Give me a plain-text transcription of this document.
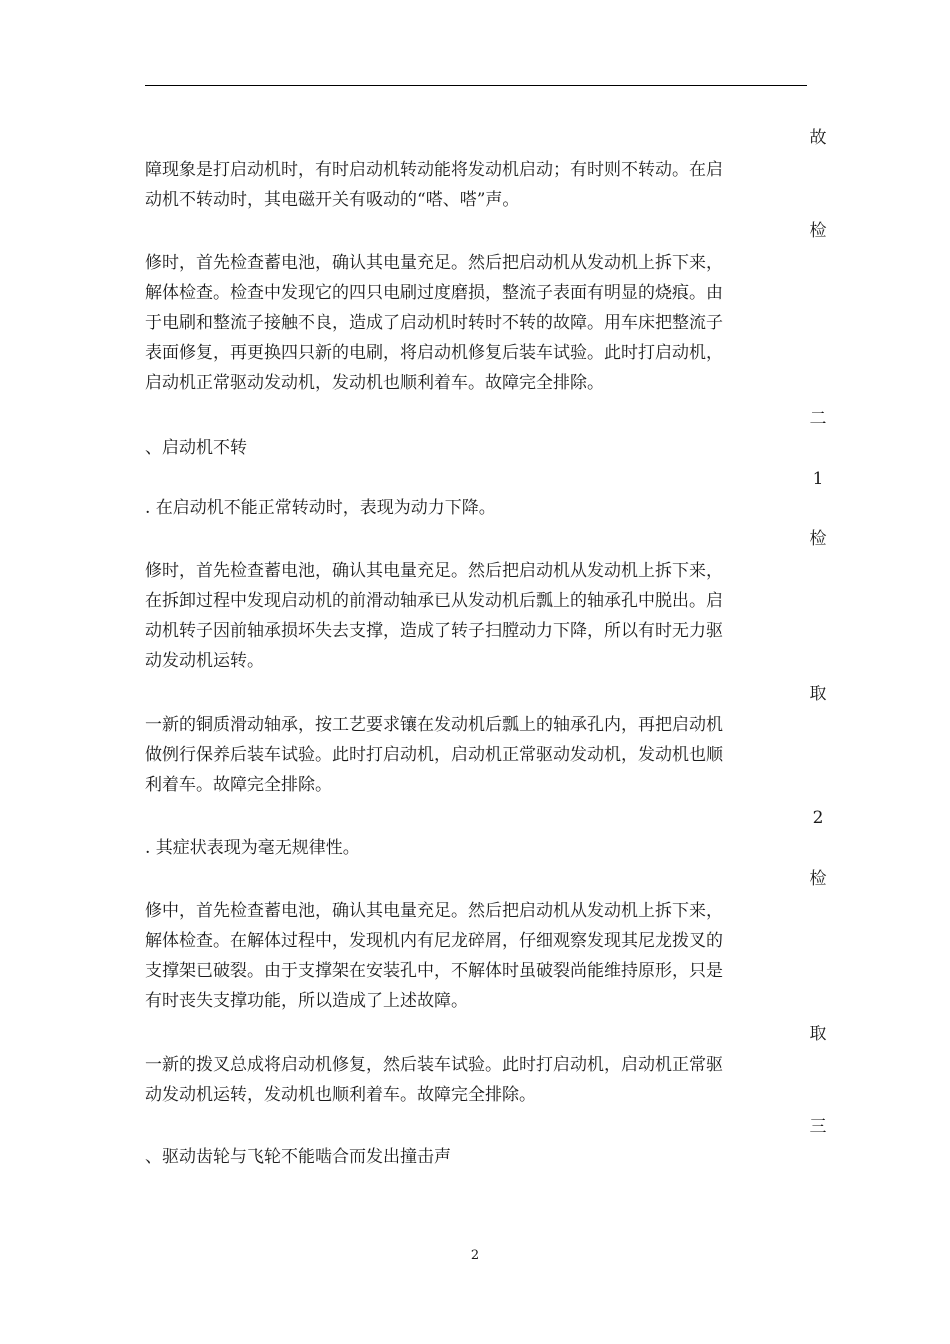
故
检
二
1
检
取
2
检
取
三

障现象是打启动机时，有时启动机转动能将发动机启动；有时则不转动。在启
动机不转动时，其电磁开关有吸动的“嗒、嗒”声。

修时，首先检查蓄电池，确认其电量充足。然后把启动机从发动机上拆下来，
解体检查。检查中发现它的四只电刷过度磨损，整流子表面有明显的烧痕。由
于电刷和整流子接触不良，造成了启动机时转时不转的故障。用车床把整流子
表面修复，再更换四只新的电刷，将启动机修复后装车试验。此时打启动机，
启动机正常驱动发动机，发动机也顺利着车。故障完全排除。

、启动机不转

. 在启动机不能正常转动时，表现为动力下降。

修时，首先检查蓄电池，确认其电量充足。然后把启动机从发动机上拆下来，
在拆卸过程中发现启动机的前滑动轴承已从发动机后瓢上的轴承孔中脱出。启
动机转子因前轴承损坏失去支撑，造成了转子扫膛动力下降，所以有时无力驱
动发动机运转。

一新的铜质滑动轴承，按工艺要求镶在发动机后瓢上的轴承孔内，再把启动机
做例行保养后装车试验。此时打启动机，启动机正常驱动发动机，发动机也顺
利着车。故障完全排除。

. 其症状表现为毫无规律性。

修中，首先检查蓄电池，确认其电量充足。然后把启动机从发动机上拆下来，
解体检查。在解体过程中，发现机内有尼龙碎屑，仔细观察发现其尼龙拨叉的
支撑架已破裂。由于支撑架在安装孔中，不解体时虽破裂尚能维持原形，只是
有时丧失支撑功能，所以造成了上述故障。

一新的拨叉总成将启动机修复，然后装车试验。此时打启动机，启动机正常驱
动发动机运转，发动机也顺利着车。故障完全排除。

、驱动齿轮与飞轮不能啮合而发出撞击声

2
